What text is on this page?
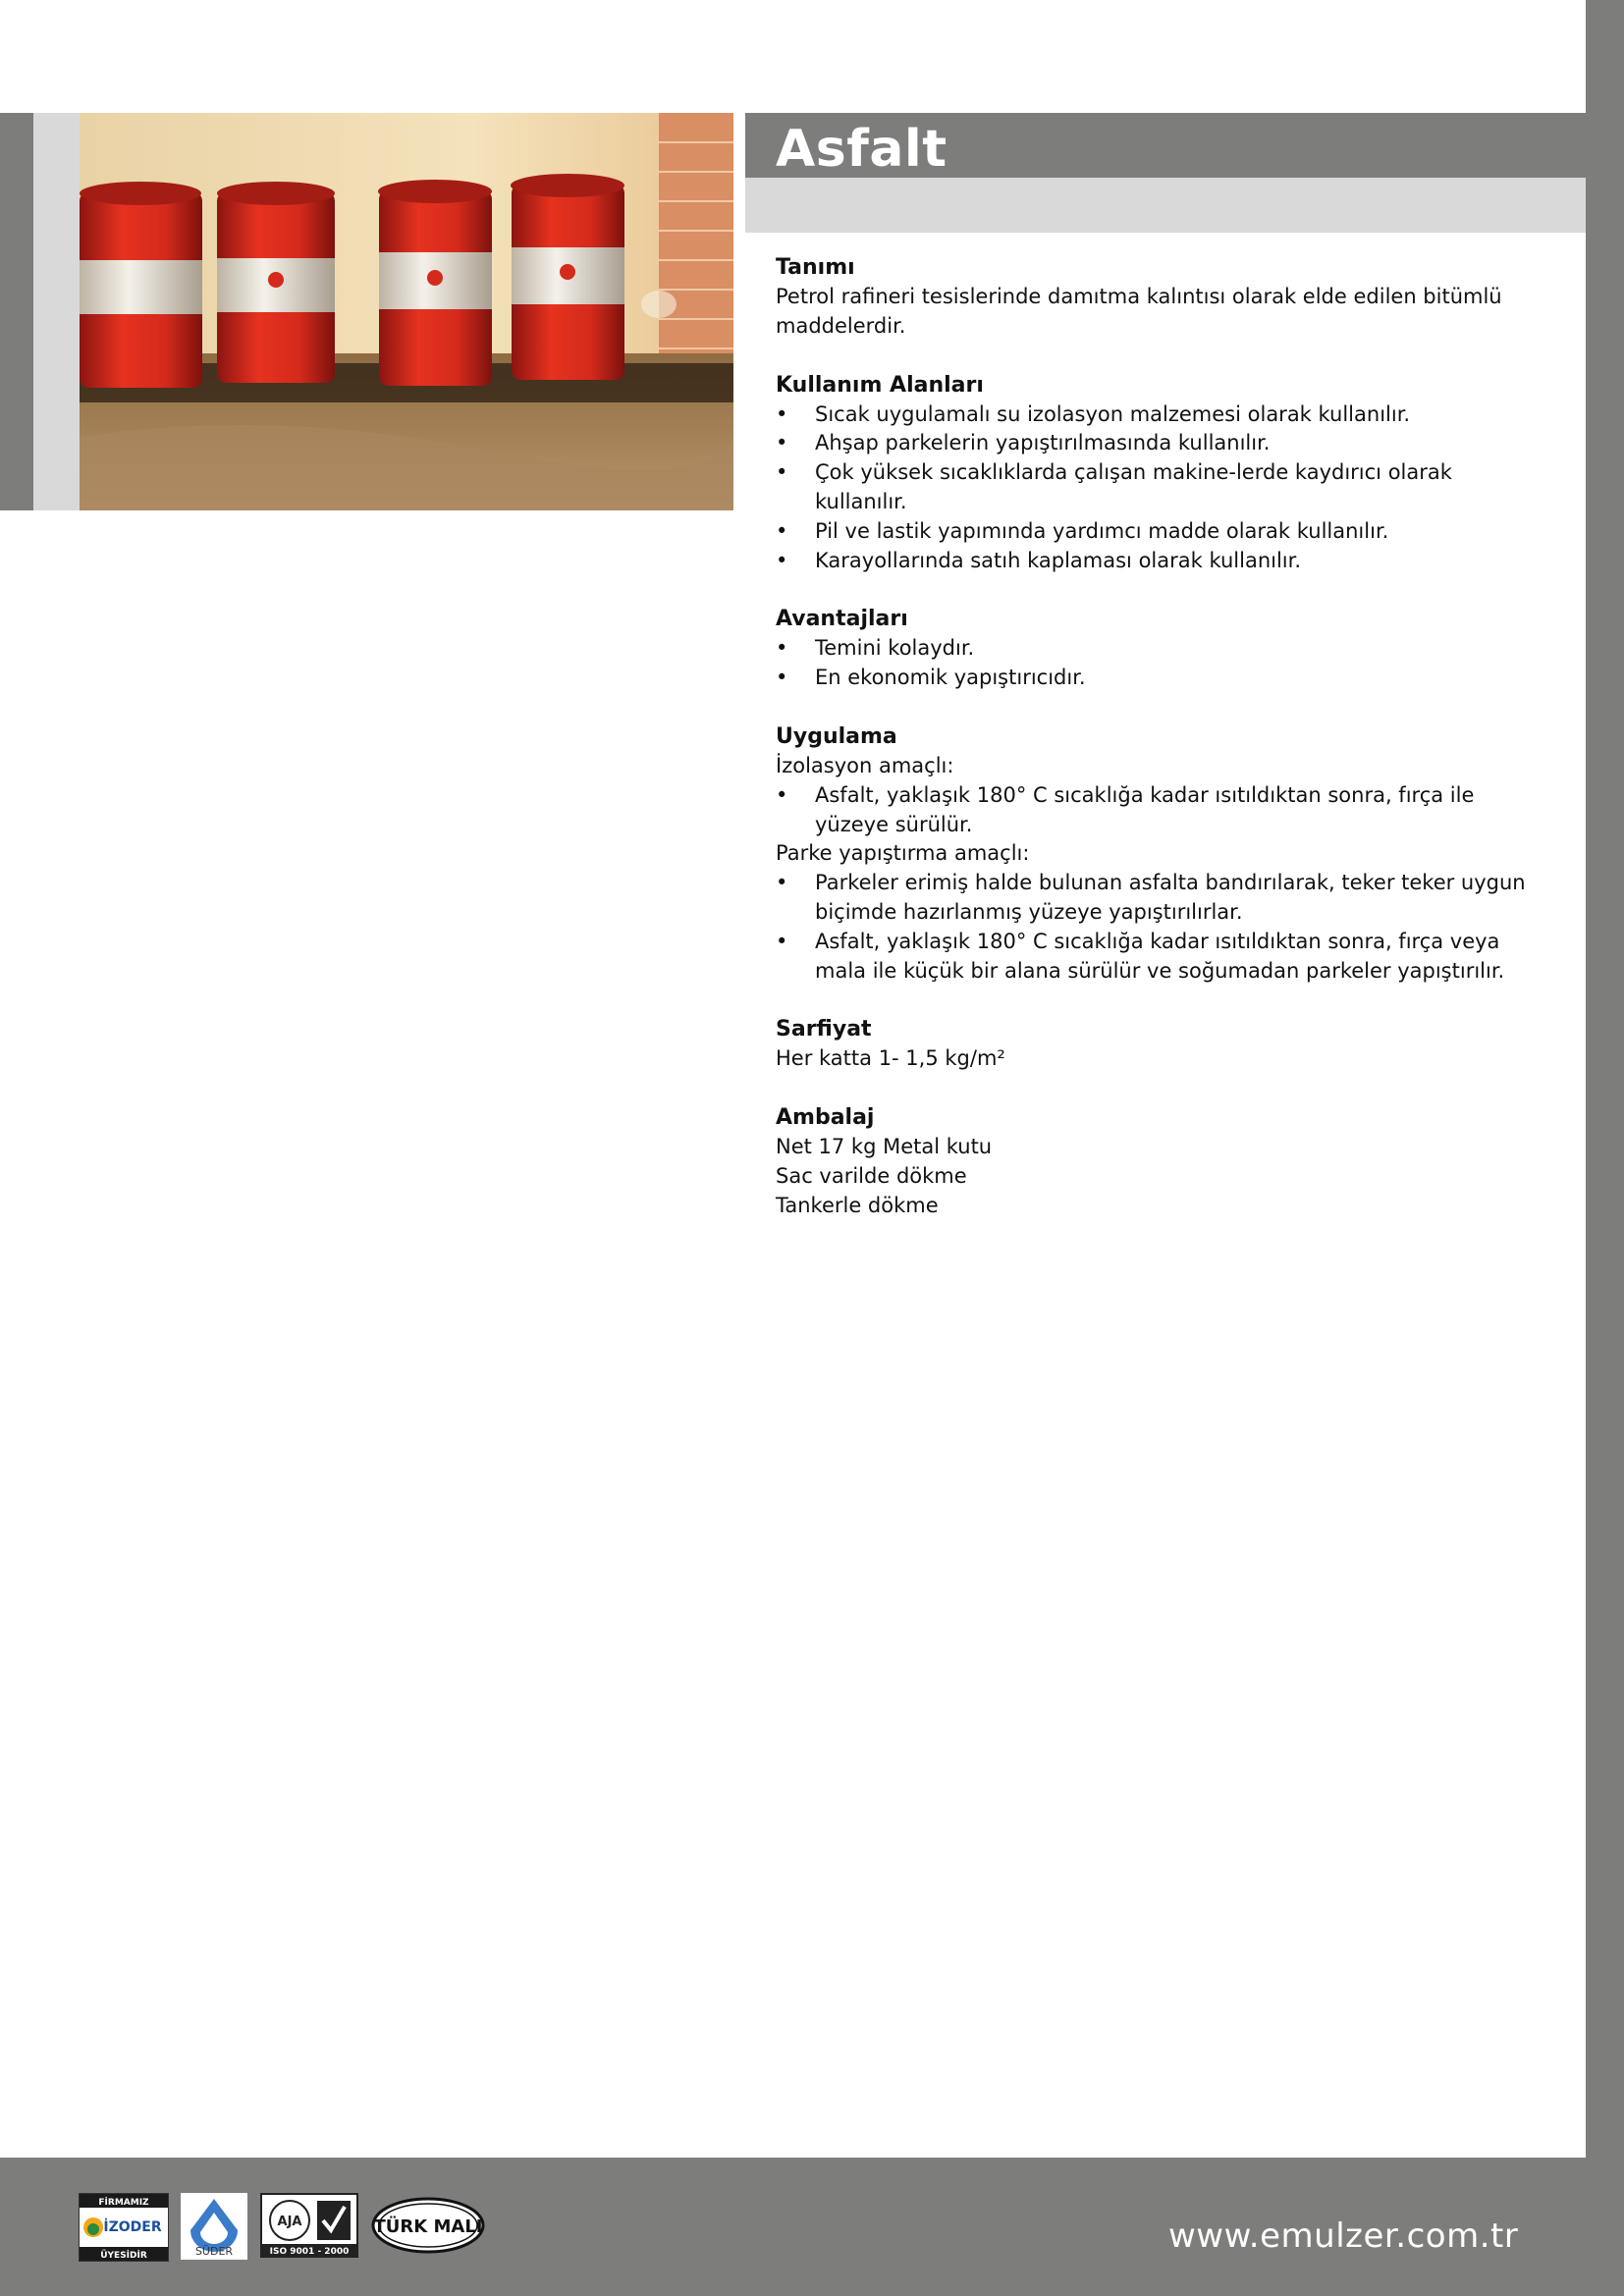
Asfalt
Tanımı

Petrol rafineri tesislerinde damıtma kalıntısı olarak elde edilen bitümlü maddelerdir.

Kullanım Alanları
• Sıcak uygulamalı su izolasyon malzemesi olarak kullanılır.
• Ahşap parkelerin yapıştırılmasında kullanılır.
• Çok yüksek sıcaklıklarda çalışan makine-lerde kaydırıcı olarak kullanılır.
• Pil ve lastik yapımında yardımcı madde olarak kullanılır.
• Karayollarında satıh kaplaması olarak kullanılır.
Avantajları
• Temini kolaydır.
• En ekonomik yapıştırıcıdır.
Uygulama

İzolasyon amaçlı:

• Asfalt, yaklaşık 180° C sıcaklığa kadar ısıtıldıktan sonra, fırça ile yüzeye sürülür.

Parke yapıştırma amaçlı:

• Parkeler erimiş halde bulunan asfalta bandırılarak, teker teker uygun biçimde hazırlanmış yüzeye yapıştırılırlar.
• Asfalt, yaklaşık 180° C sıcaklığa kadar ısıtıldıktan sonra, fırça veya mala ile küçük bir alana sürülür ve soğumadan parkeler yapıştırılır.
Sarfiyat

Her katta 1- 1,5 kg/m²

Ambalaj

Net 17 kg Metal kutu

Sac varilde dökme

Tankerle dökme

FİRMAMIZ
İZODER
ÜYESİDİR	SÜDER
AJA
ISO 9001 - 2000
TÜRK MALI	www.emulzer.com.tr
